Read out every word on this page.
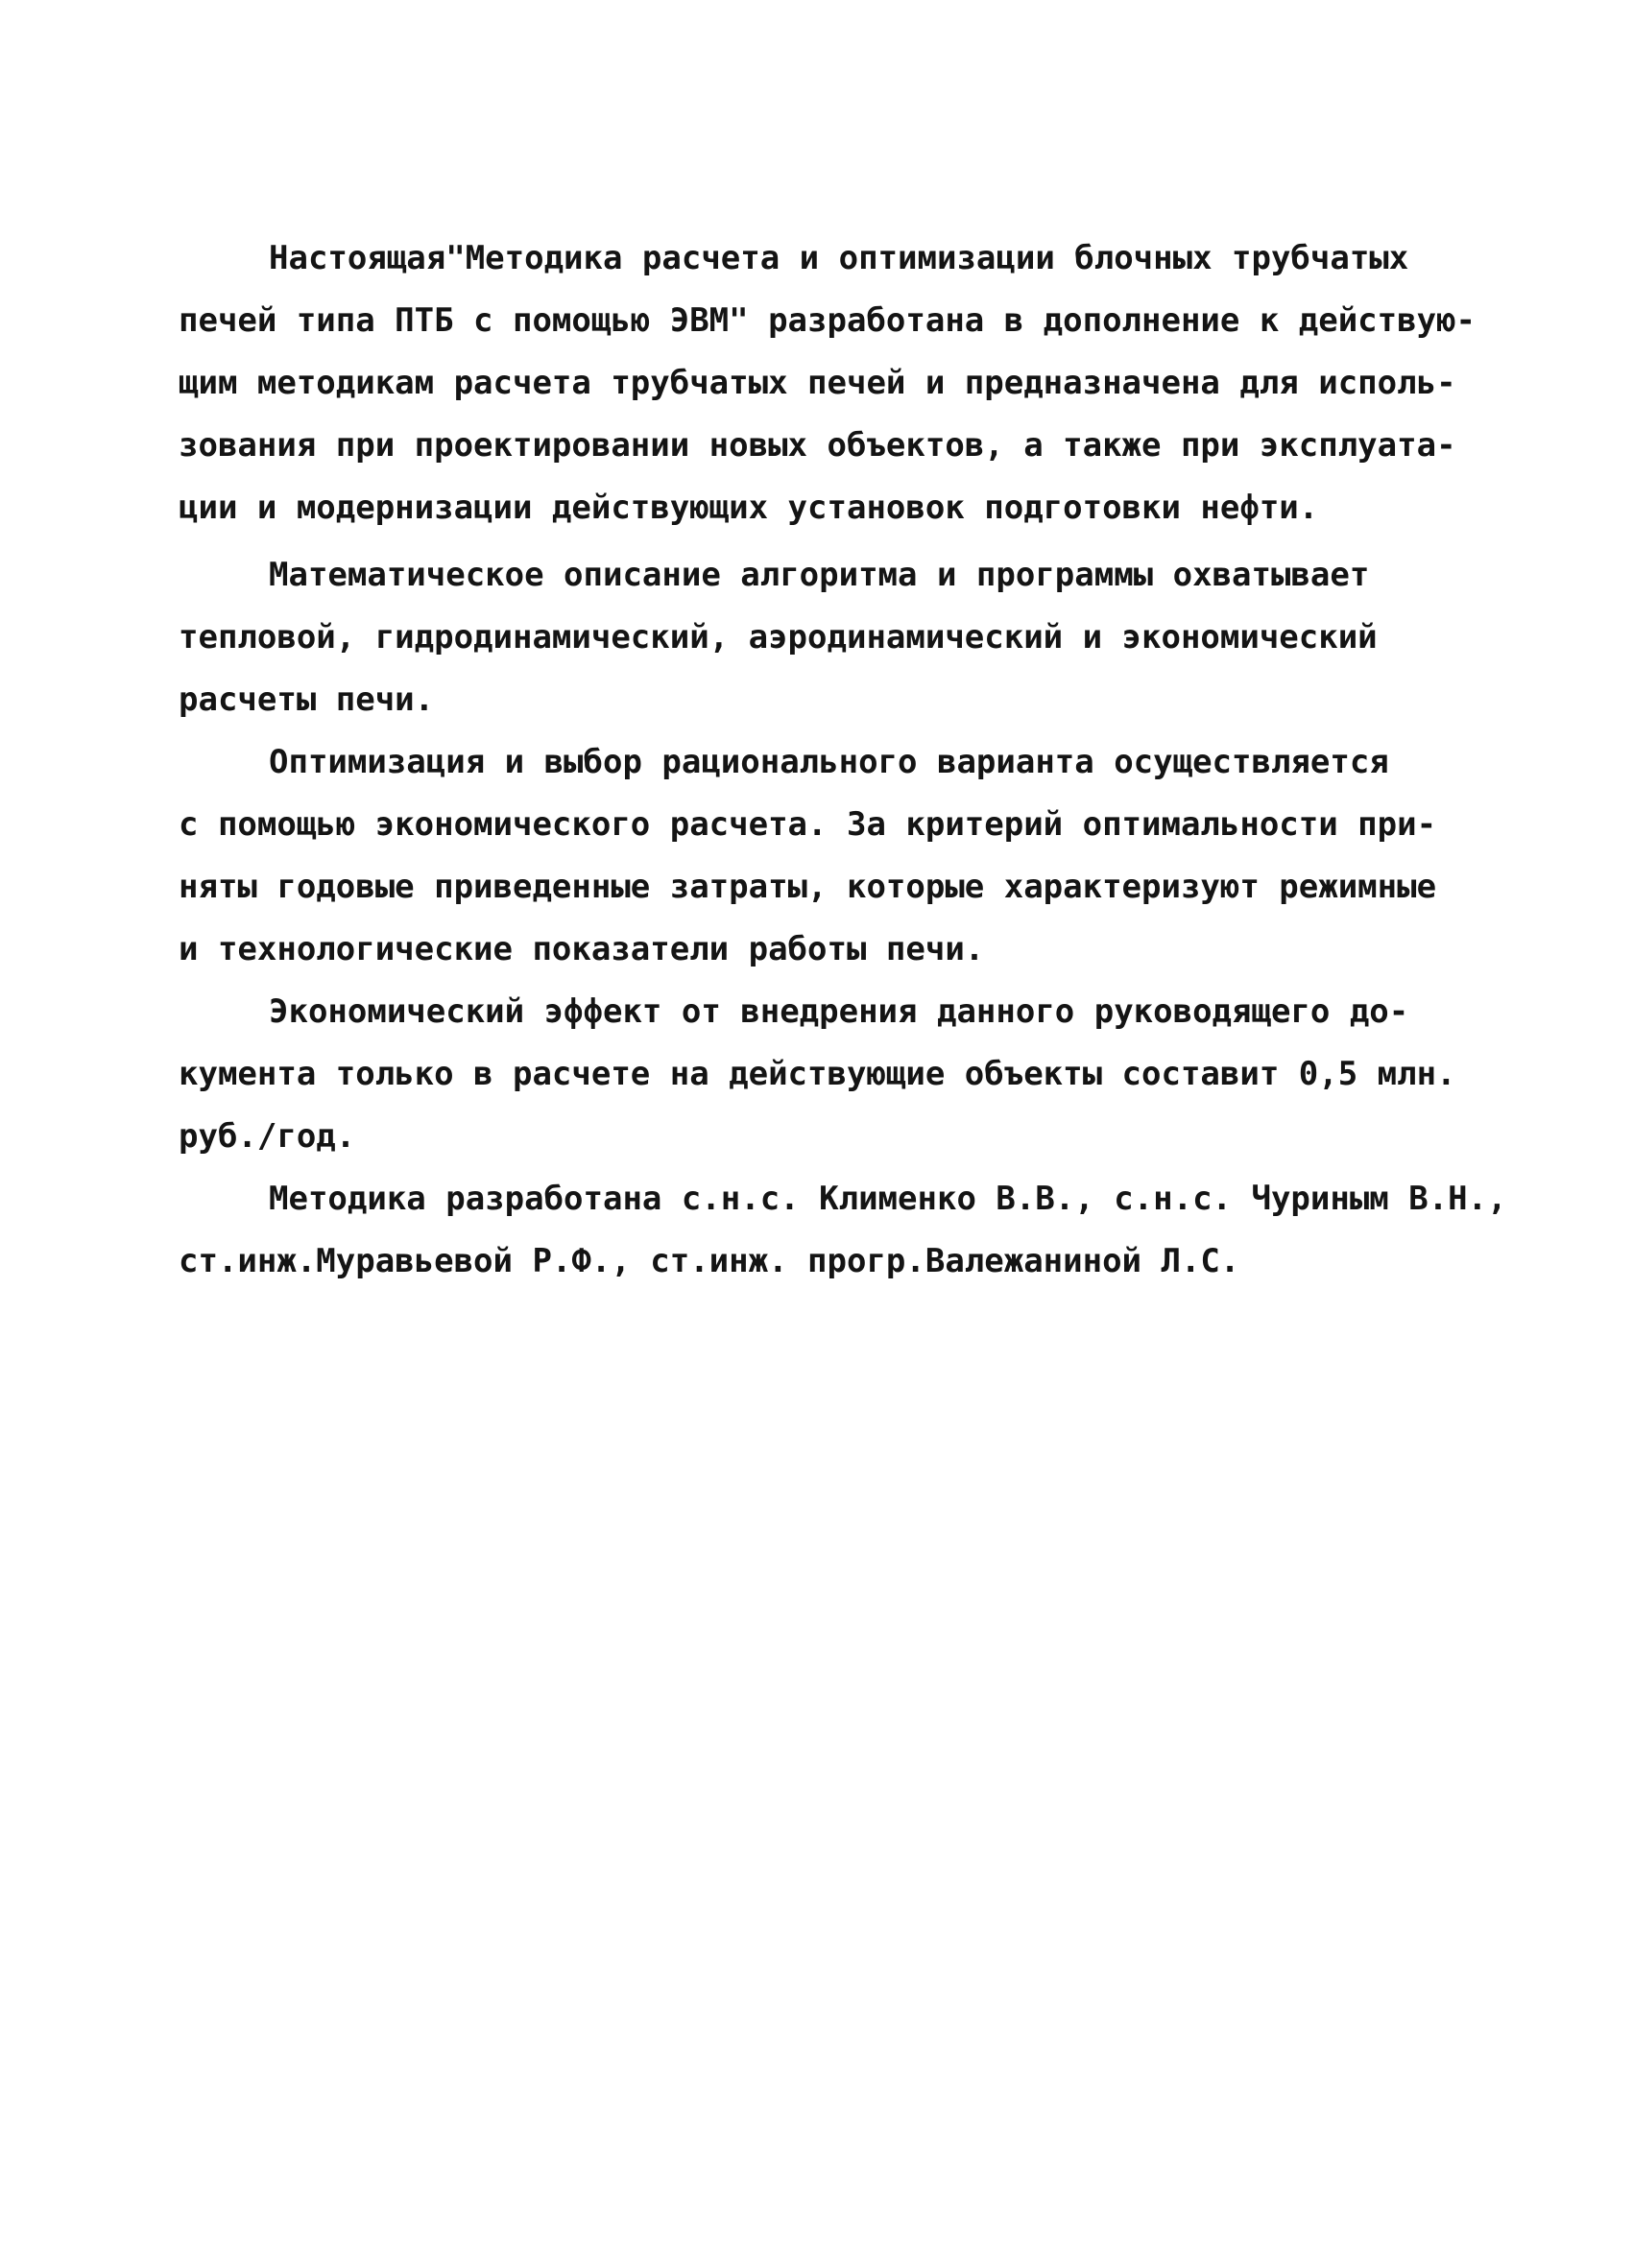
Настоящая"Методика расчета и оптимизации блочных трубчатых
печей типа ПТБ с помощью ЭВМ" разработана в дополнение к действую-
щим методикам расчета трубчатых печей и предназначена для исполь-
зования при проектировании новых объектов, а также при эксплуата-
ции и модернизации действующих установок подготовки нефти.
Математическое описание алгоритма и программы охватывает
тепловой, гидродинамический, аэродинамический и экономический
расчеты печи.
Оптимизация и выбор рационального варианта осуществляется
с помощью экономического расчета. За критерий оптимальности при-
няты годовые приведенные затраты, которые характеризуют режимные
и технологические показатели работы печи.
Экономический эффект от внедрения данного руководящего до-
кумента только в расчете на действующие объекты составит 0,5 млн.
руб./год.
Методика разработана с.н.с. Клименко В.В., с.н.с. Чуриным В.Н.,
ст.инж.Муравьевой Р.Ф., ст.инж. прогр.Валежаниной Л.С.
